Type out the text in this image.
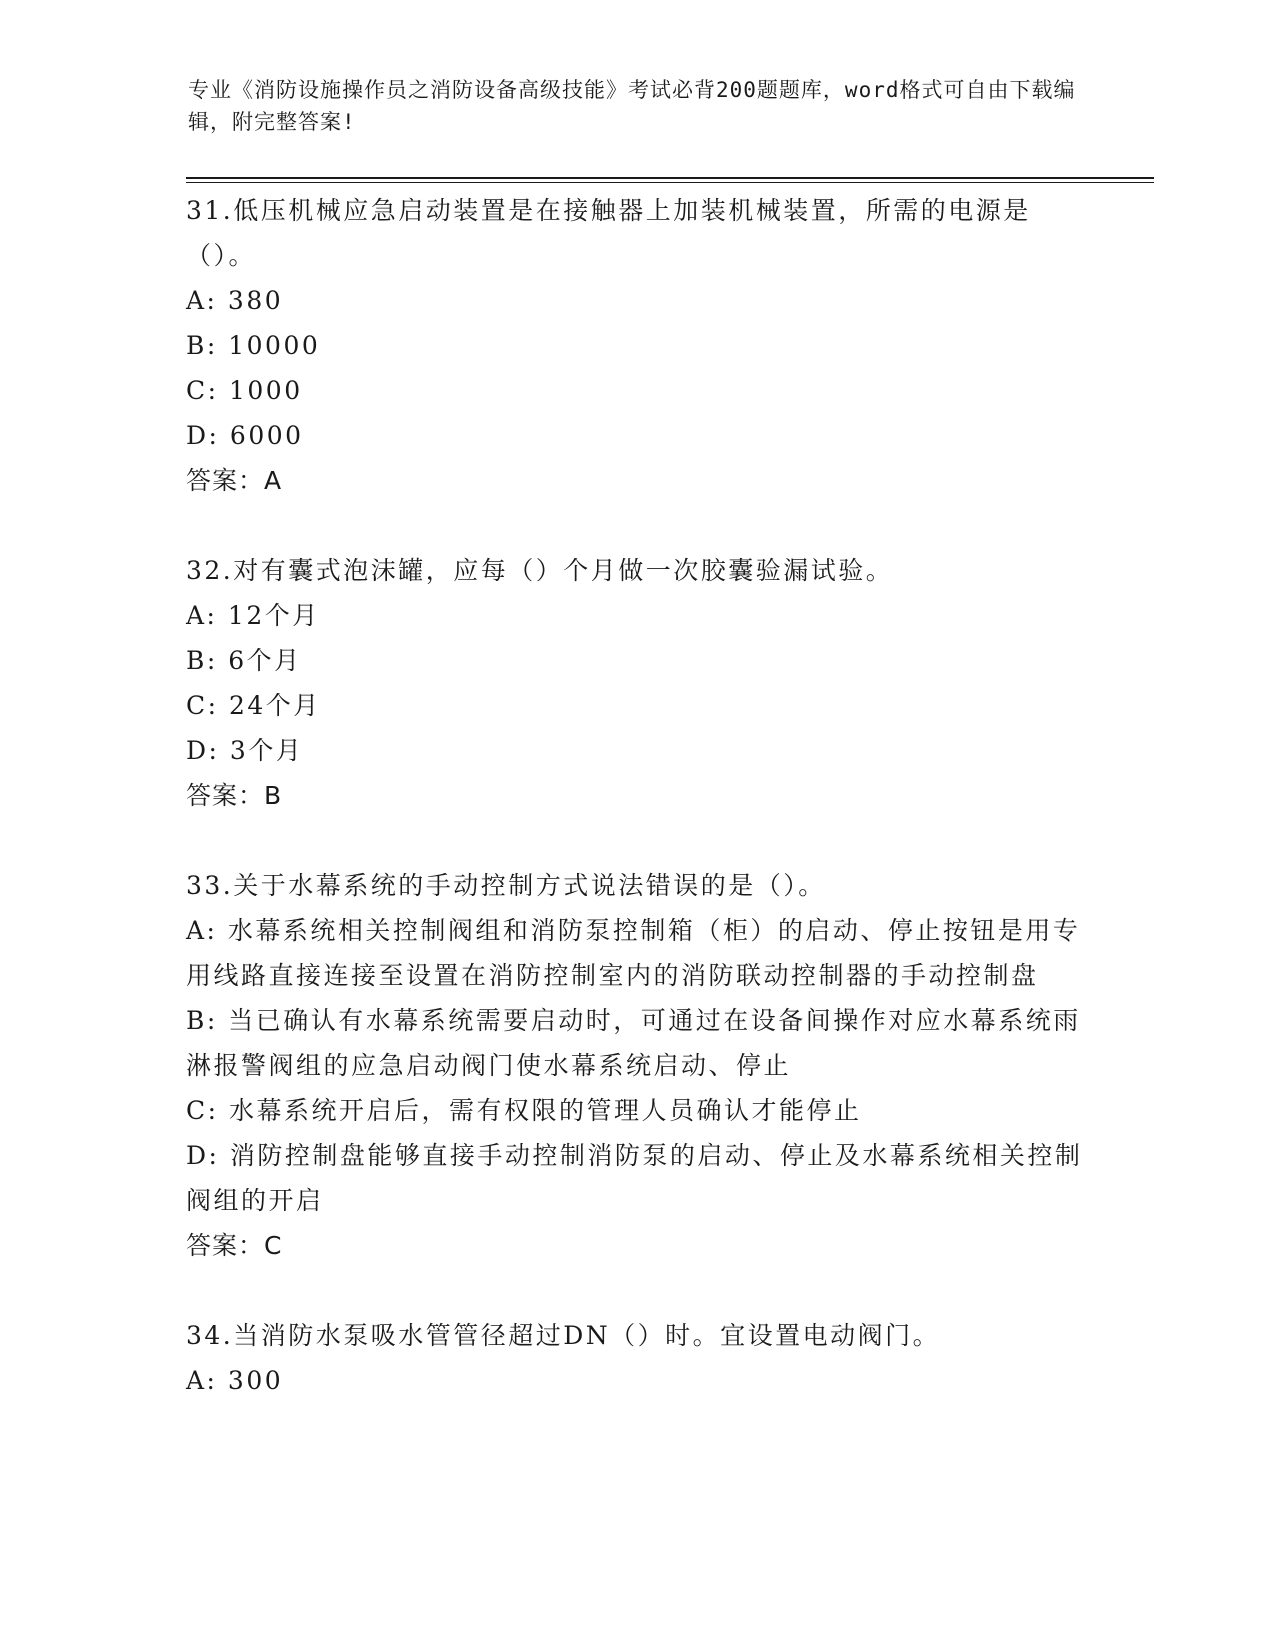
专业《消防设施操作员之消防设备高级技能》考试必背200题题库，word格式可自由下载编辑，附完整答案!

31.低压机械应急启动装置是在接触器上加装机械装置，所需的电源是（）。

A: 380

B: 10000

C: 1000

D: 6000

答案：A

32.对有囊式泡沫罐，应每（）个月做一次胶囊验漏试验。

A: 12个月

B: 6个月

C: 24个月

D: 3个月

答案：B

33.关于水幕系统的手动控制方式说法错误的是（）。

A: 水幕系统相关控制阀组和消防泵控制箱（柜）的启动、停止按钮是用专用线路直接连接至设置在消防控制室内的消防联动控制器的手动控制盘

B: 当已确认有水幕系统需要启动时，可通过在设备间操作对应水幕系统雨淋报警阀组的应急启动阀门使水幕系统启动、停止

C: 水幕系统开启后，需有权限的管理人员确认才能停止

D: 消防控制盘能够直接手动控制消防泵的启动、停止及水幕系统相关控制阀组的开启

答案：C

34.当消防水泵吸水管管径超过DN（）时。宜设置电动阀门。

A: 300
